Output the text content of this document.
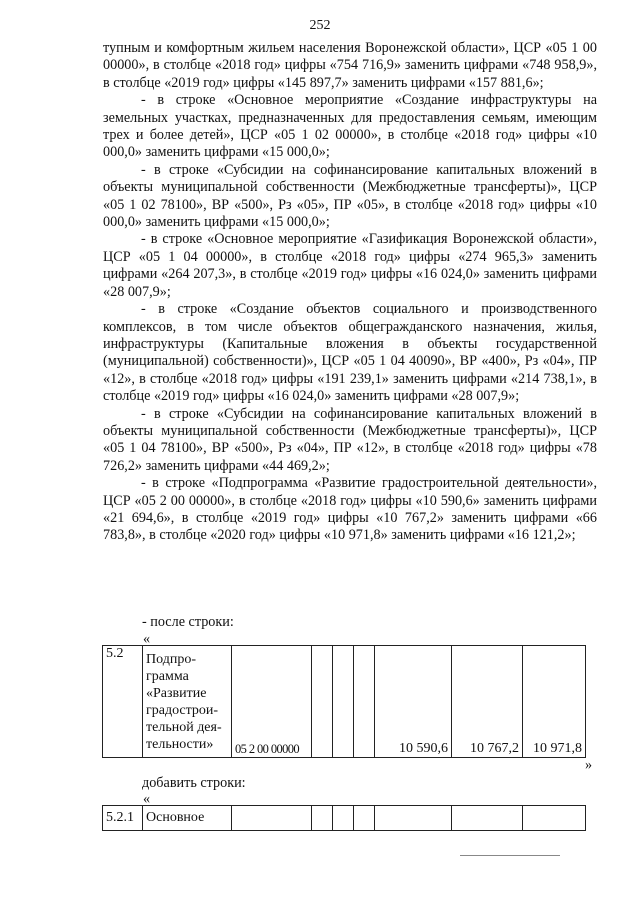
252

тупным и комфортным жильем населения Воронежской области», ЦСР «05 1 00 00000», в столбце «2018 год» цифры «754 716,9» заменить цифрами «748 958,9», в столбце «2019 год» цифры «145 897,7» заменить цифрами «157 881,6»;

- в строке «Основное мероприятие «Создание инфраструктуры на земельных участках, предназначенных для предоставления семьям, имеющим трех и более детей», ЦСР «05 1 02 00000», в столбце «2018 год» цифры «10 000,0» заменить цифрами «15 000,0»;

- в строке «Субсидии на софинансирование капитальных вложений в объекты муниципальной собственности (Межбюджетные трансферты)», ЦСР «05 1 02 78100», ВР «500», Рз «05», ПР «05», в столбце «2018 год» цифры «10 000,0» заменить цифрами «15 000,0»;

- в строке «Основное мероприятие «Газификация Воронежской области», ЦСР «05 1 04 00000», в столбце «2018 год» цифры «274 965,3» заменить цифрами «264 207,3», в столбце «2019 год» цифры «16 024,0» заменить цифрами «28 007,9»;

- в строке «Создание объектов социального и производственного комплексов, в том числе объектов общегражданского назначения, жилья, инфраструктуры (Капитальные вложения в объекты государственной (муниципальной) собственности)», ЦСР «05 1 04 40090», ВР «400», Рз «04», ПР «12», в столбце «2018 год» цифры «191 239,1» заменить цифрами «214 738,1», в столбце «2019 год» цифры «16 024,0» заменить цифрами «28 007,9»;

- в строке «Субсидии на софинансирование капитальных вложений в объекты муниципальной собственности (Межбюджетные трансферты)», ЦСР «05 1 04 78100», ВР «500», Рз «04», ПР «12», в столбце «2018 год» цифры «78 726,2» заменить цифрами «44 469,2»;

- в строке «Подпрограмма «Развитие градостроительной деятельности», ЦСР «05 2 00 00000», в столбце «2018 год» цифры «10 590,6» заменить цифрами «21 694,6», в столбце «2019 год» цифры «10 767,2» заменить цифрами «66 783,8», в столбце «2020 год» цифры «10 971,8» заменить цифрами «16 121,2»;

- после строки:
«
5.2	Подпро-
грамма
«Развитие
градострои-
тельной дея-
тельности»	05 2 00 00000				10 590,6	10 767,2	10 971,8
»
добавить строки:
«
5.2.1	Основное							
